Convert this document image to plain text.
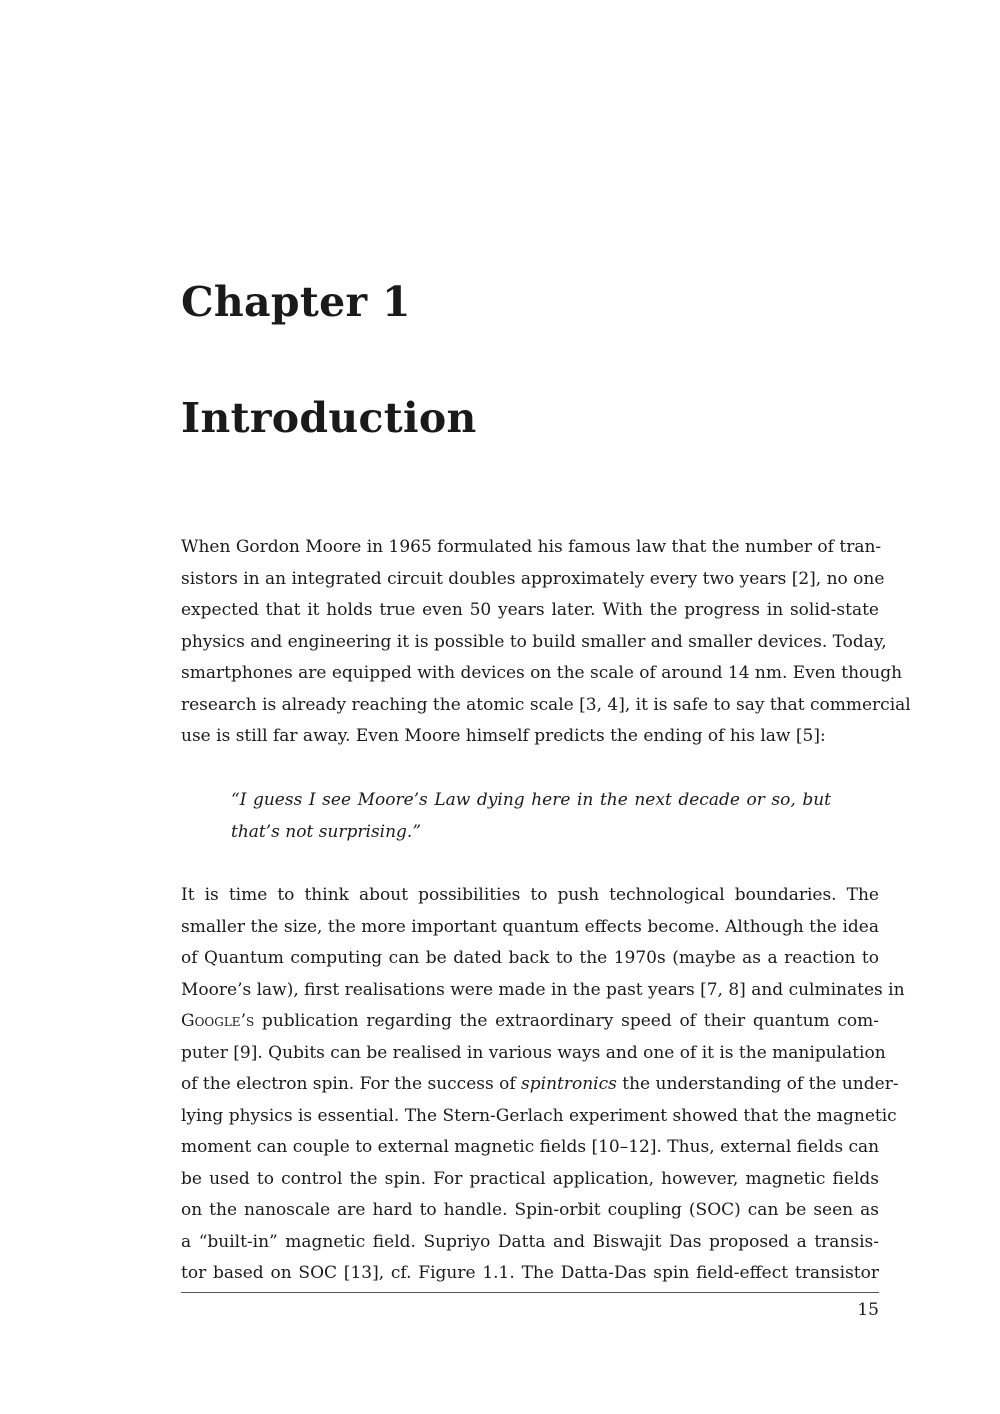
Chapter 1
Introduction
When Gordon Moore in 1965 formulated his famous law that the number of tran-
sistors in an integrated circuit doubles approximately every two years [2], no one
expected that it holds true even 50 years later. With the progress in solid-state
physics and engineering it is possible to build smaller and smaller devices. Today,
smartphones are equipped with devices on the scale of around 14 nm. Even though
research is already reaching the atomic scale [3, 4], it is safe to say that commercial
use is still far away. Even Moore himself predicts the ending of his law [5]:
“I guess I see Moore’s Law dying here in the next decade or so, but
that’s not surprising.”
It is time to think about possibilities to push technological boundaries. The
smaller the size, the more important quantum effects become. Although the idea
of Quantum computing can be dated back to the 1970s (maybe as a reaction to
Moore’s law), first realisations were made in the past years [7, 8] and culminates in
Google’s publication regarding the extraordinary speed of their quantum com-
puter [9]. Qubits can be realised in various ways and one of it is the manipulation
of the electron spin. For the success of spintronics the understanding of the under-
lying physics is essential. The Stern-Gerlach experiment showed that the magnetic
moment can couple to external magnetic fields [10–12]. Thus, external fields can
be used to control the spin. For practical application, however, magnetic fields
on the nanoscale are hard to handle. Spin-orbit coupling (SOC) can be seen as
a “built-in” magnetic field. Supriyo Datta and Biswajit Das proposed a transis-
tor based on SOC [13], cf. Figure 1.1. The Datta-Das spin field-effect transistor
15
